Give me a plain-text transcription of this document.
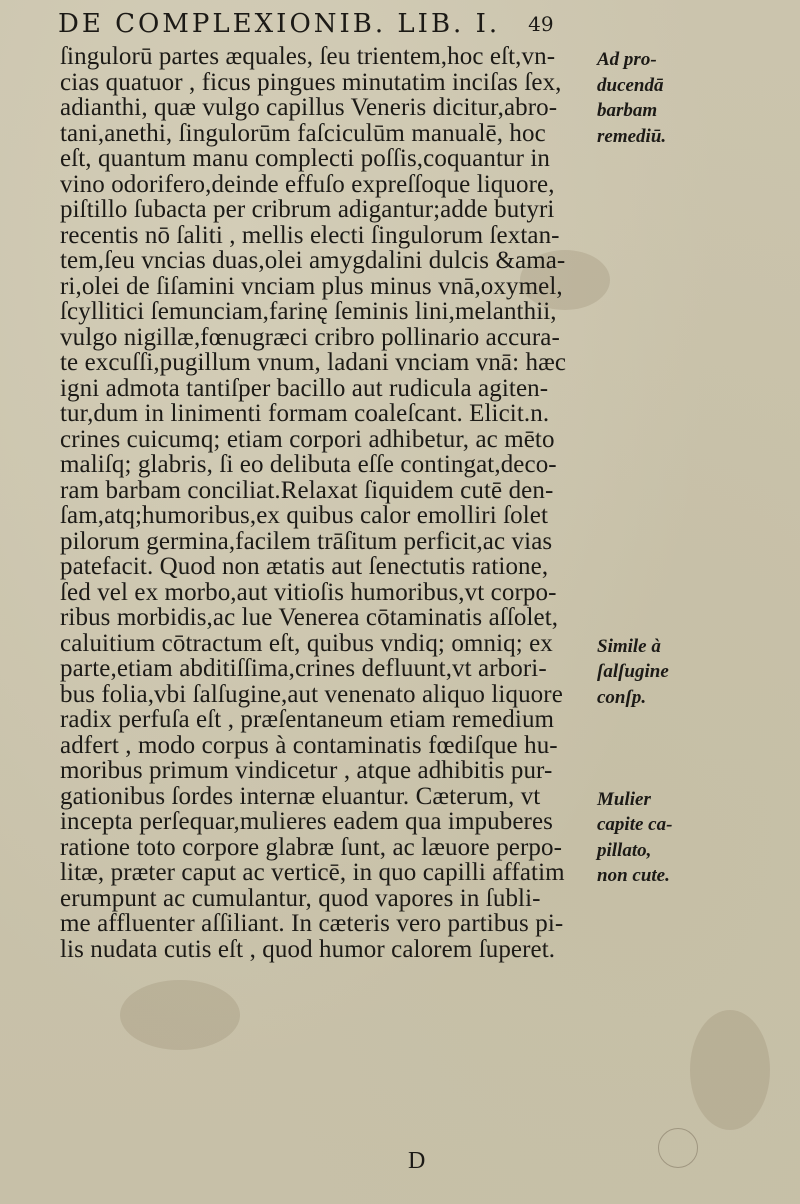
DE COMPLEXIONIB. LIB. I. 49
ſingulorū partes æquales, ſeu trientem,hoc eſt,vn-
cias quatuor , ficus pingues minutatim inciſas ſex,
adianthi, quæ vulgo capillus Veneris dicitur,abro-
tani,anethi, ſingulorūm faſciculūm manualē, hoc
eſt, quantum manu complecti poſſis,coquantur in
vino odorifero,deinde effuſo expreſſoque liquore,
piſtillo ſubacta per cribrum adigantur;adde butyri
recentis nō ſaliti , mellis electi ſingulorum ſextan-
tem,ſeu vncias duas,olei amygdalini dulcis &ama-
ri,olei de ſiſamini vnciam plus minus vnā,oxymel,
ſcyllitici ſemunciam,farinę ſeminis lini,melanthii,
vulgo nigillæ,fœnugræci cribro pollinario accura-
te excuſſi,pugillum vnum, ladani vnciam vnā: hæc
igni admota tantiſper bacillo aut rudicula agiten-
tur,dum in linimenti formam coaleſcant. Elicit.n.
crines cuicumq; etiam corpori adhibetur, ac mēto
maliſq; glabris, ſi eo delibuta eſſe contingat,deco-
ram barbam conciliat.Relaxat ſiquidem cutē den-
ſam,atq;humoribus,ex quibus calor emolliri ſolet
pilorum germina,facilem trāſitum perficit,ac vias
patefacit. Quod non ætatis aut ſenectutis ratione,
ſed vel ex morbo,aut vitioſis humoribus,vt corpo-
ribus morbidis,ac lue Venerea cōtaminatis aſſolet,
caluitium cōtractum eſt, quibus vndiq; omniq; ex
parte,etiam abditiſſima,crines defluunt,vt arbori-
bus folia,vbi ſalſugine,aut venenato aliquo liquore
radix perfuſa eſt , præſentaneum etiam remedium
adfert , modo corpus à contaminatis fœdiſque hu-
moribus primum vindicetur , atque adhibitis pur-
gationibus ſordes internæ eluantur. Cæterum, vt
incepta perſequar,mulieres eadem qua impuberes
ratione toto corpore glabræ ſunt, ac læuore perpo-
litæ, præter caput ac verticē, in quo capilli affatim
erumpunt ac cumulantur, quod vapores in ſubli-
me affluenter aſſiliant. In cæteris vero partibus pi-
lis nudata cutis eſt , quod humor calorem ſuperet.
Ad pro-
ducendā
barbam
remediū.
Simile à
ſalſugine
conſp.
Mulier
capite ca-
pillato,
non cute.
D
